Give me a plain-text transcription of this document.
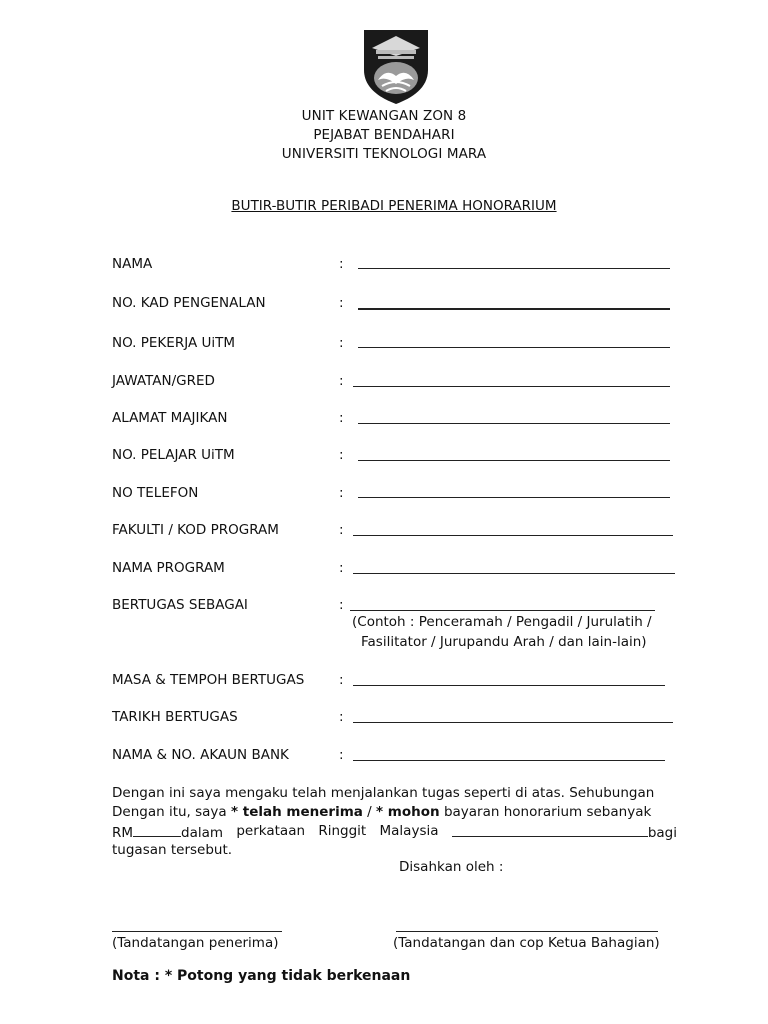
UNIT KEWANGAN ZON 8
PEJABAT BENDAHARI
UNIVERSITI TEKNOLOGI MARA
BUTIR-BUTIR PERIBADI PENERIMA HONORARIUM
NAMA	:
NO. KAD PENGENALAN	:
NO. PEKERJA UiTM	:
JAWATAN/GRED	:
ALAMAT MAJIKAN	:
NO. PELAJAR UiTM	:
NO TELEFON	:
FAKULTI / KOD PROGRAM	:
NAMA PROGRAM	:
BERTUGAS SEBAGAI	:
(Contoh : Penceramah / Pengadil / Jurulatih /
Fasilitator / Jurupandu Arah / dan lain-lain)
MASA & TEMPOH BERTUGAS	:
TARIKH BERTUGAS	:
NAMA & NO. AKAUN BANK	:
Dengan ini saya mengaku telah menjalankan tugas seperti di atas. Sehubungan
Dengan itu, saya * telah menerima / * mohon bayaran honorarium sebanyak
RM	dalam perkataan Ringgit Malaysia	bagi
tugasan tersebut.
Disahkan oleh :
(Tandatangan penerima)	(Tandatangan dan cop Ketua Bahagian)
Nota : * Potong yang tidak berkenaan
